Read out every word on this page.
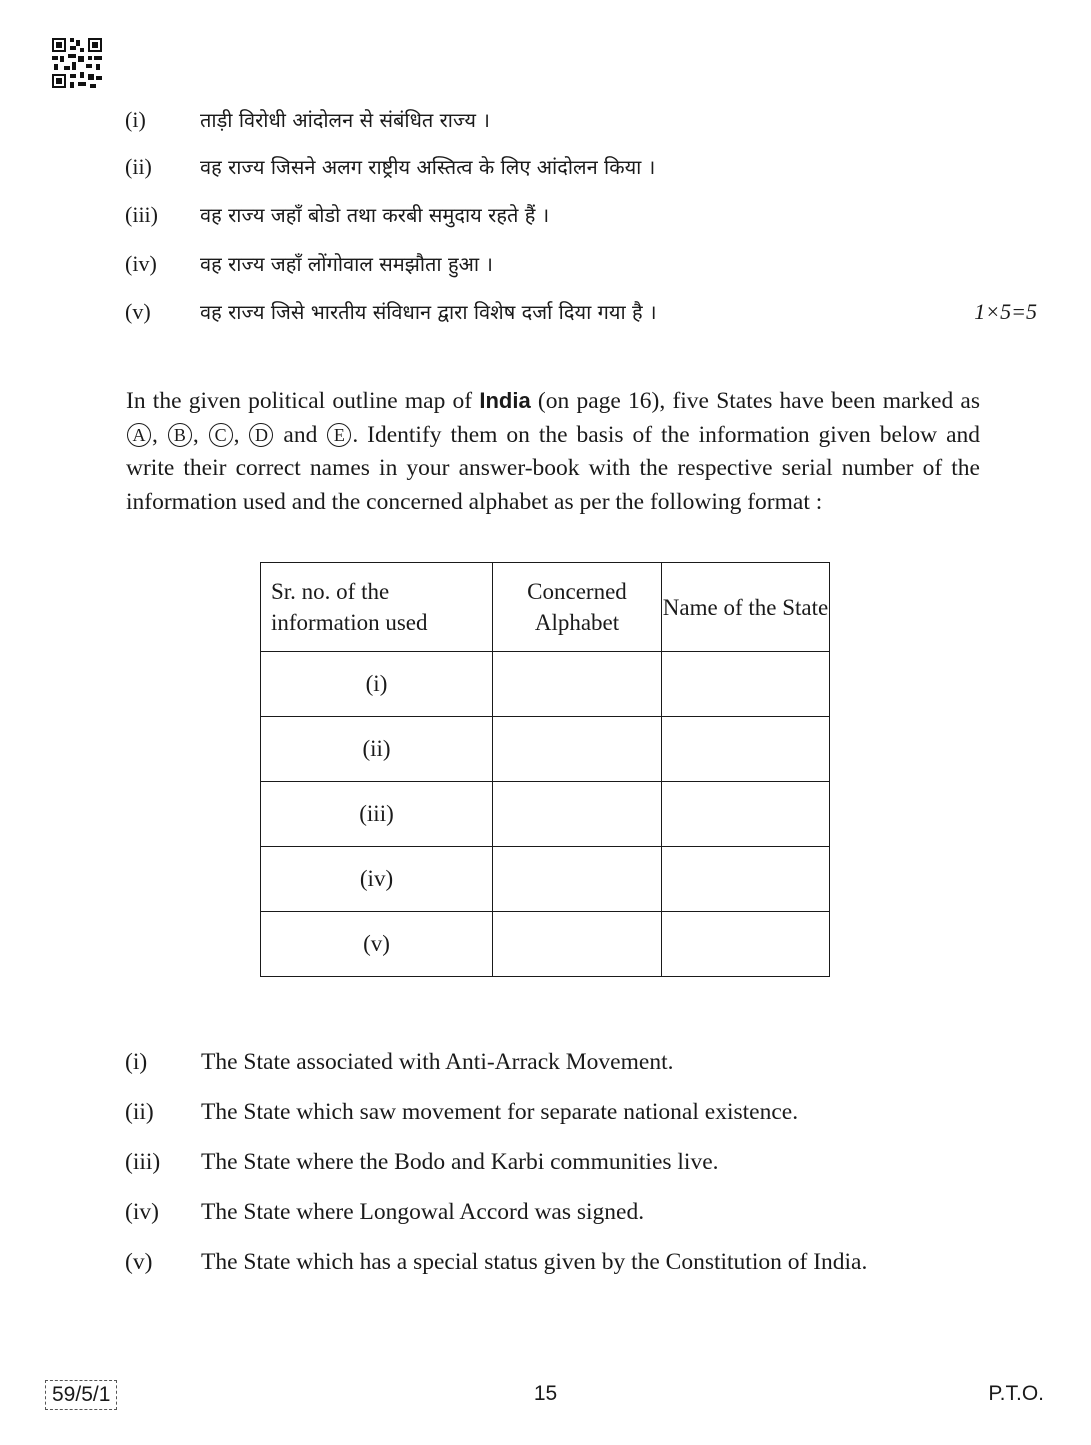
(i)	ताड़ी विरोधी आंदोलन से संबंधित राज्य ।
(ii)	वह राज्य जिसने अलग राष्ट्रीय अस्तित्व के लिए आंदोलन किया ।
(iii)	वह राज्य जहाँ बोडो तथा करबी समुदाय रहते हैं ।
(iv)	वह राज्य जहाँ लोंगोवाल समझौता हुआ ।
(v)	वह राज्य जिसे भारतीय संविधान द्वारा विशेष दर्जा दिया गया है ।	1×5=5
In the given political outline map of India (on page 16), five States have been marked as A , B , C , D and E . Identify them on the basis of the information given below and write their correct names in your answer-book with the respective serial number of the information used and the concerned alphabet as per the following format :
Sr. no. of the information used	Concerned Alphabet	Name of the State
(i)		
(ii)		
(iii)		
(iv)		
(v)		
(i)	The State associated with Anti-Arrack Movement.
(ii)	The State which saw movement for separate national existence.
(iii)	The State where the Bodo and Karbi communities live.
(iv)	The State where Longowal Accord was signed.
(v)	The State which has a special status given by the Constitution of India.
59/5/1	15	P.T.O.
